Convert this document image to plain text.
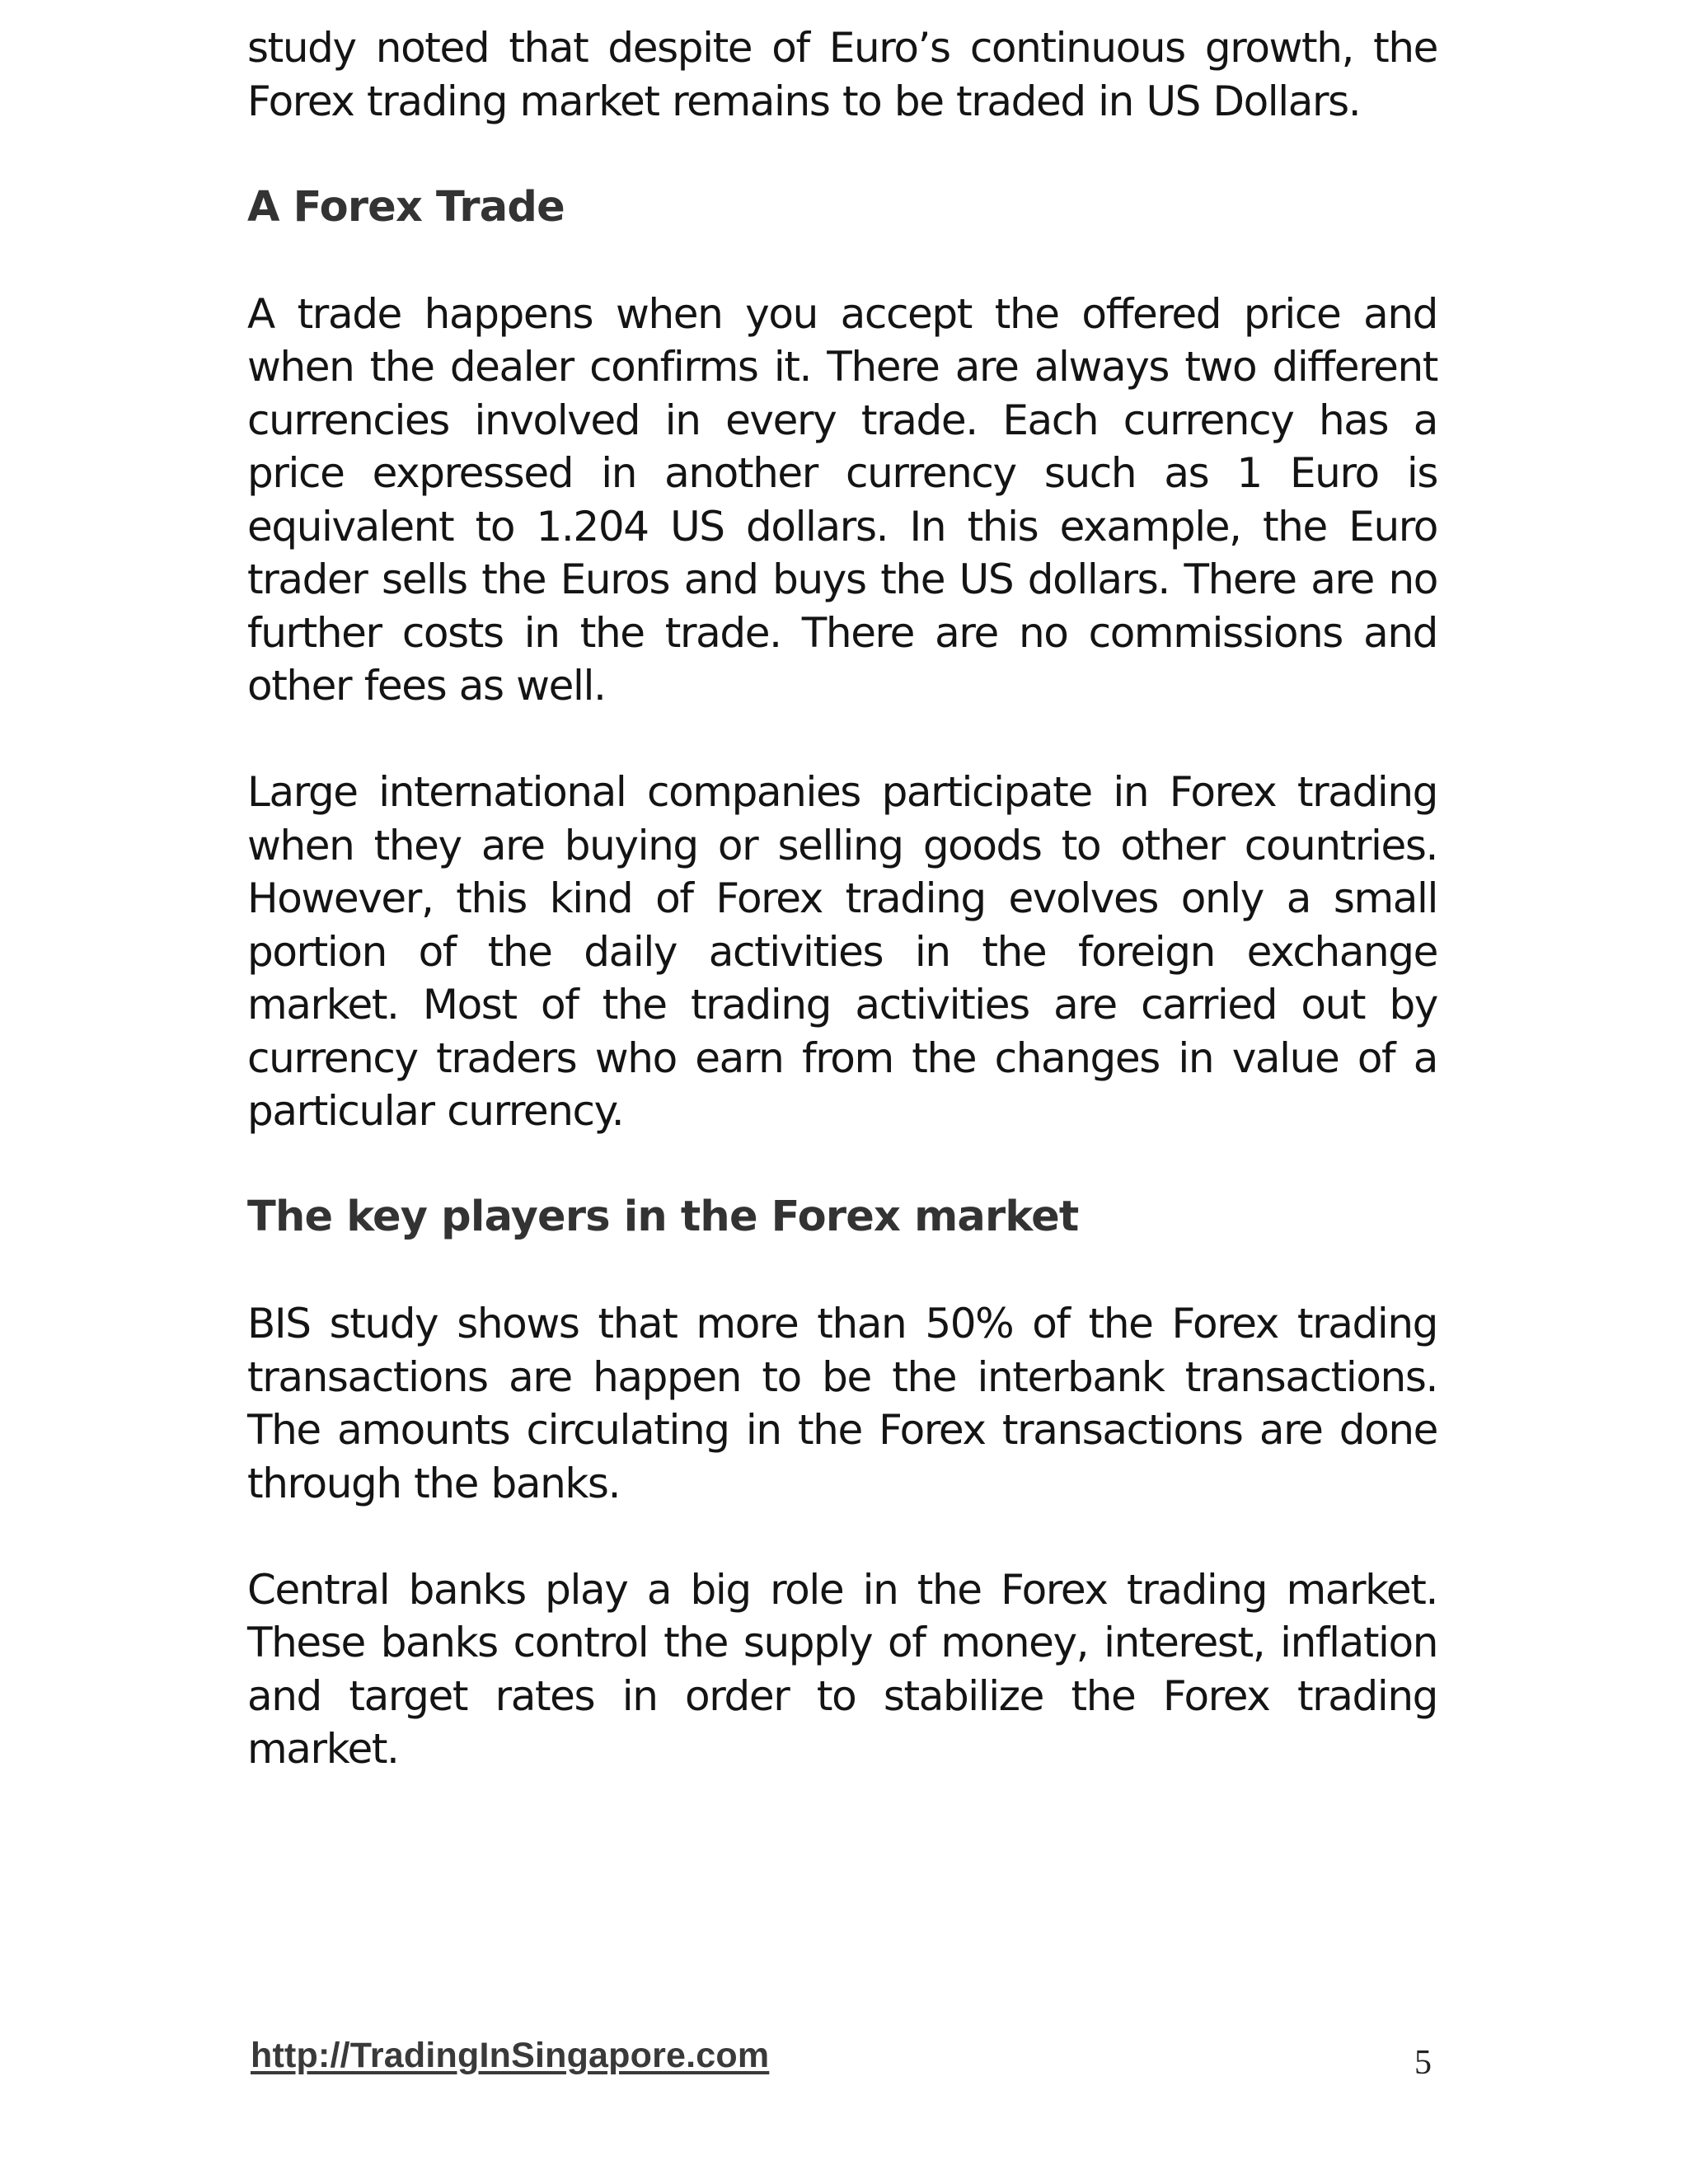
study noted that despite of Euro’s continuous growth, the Forex trading market remains to be traded in US Dollars.

A Forex Trade

A trade happens when you accept the offered price and when the dealer confirms it. There are always two different currencies involved in every trade. Each currency has a price expressed in another currency such as 1 Euro is equivalent to 1.204 US dollars. In this example, the Euro trader sells the Euros and buys the US dollars. There are no further costs in the trade. There are no commissions and other fees as well.

Large international companies participate in Forex trading when they are buying or selling goods to other countries. However, this kind of Forex trading evolves only a small portion of the daily activities in the foreign exchange market. Most of the trading activities are carried out by currency traders who earn from the changes in value of a particular currency.

The key players in the Forex market

BIS study shows that more than 50% of the Forex trading transactions are happen to be the interbank transactions. The amounts circulating in the Forex transactions are done through the banks.

Central banks play a big role in the Forex trading market. These banks control the supply of money, interest, inflation and target rates in order to stabilize the Forex trading market.

http://TradingInSingapore.com	5
